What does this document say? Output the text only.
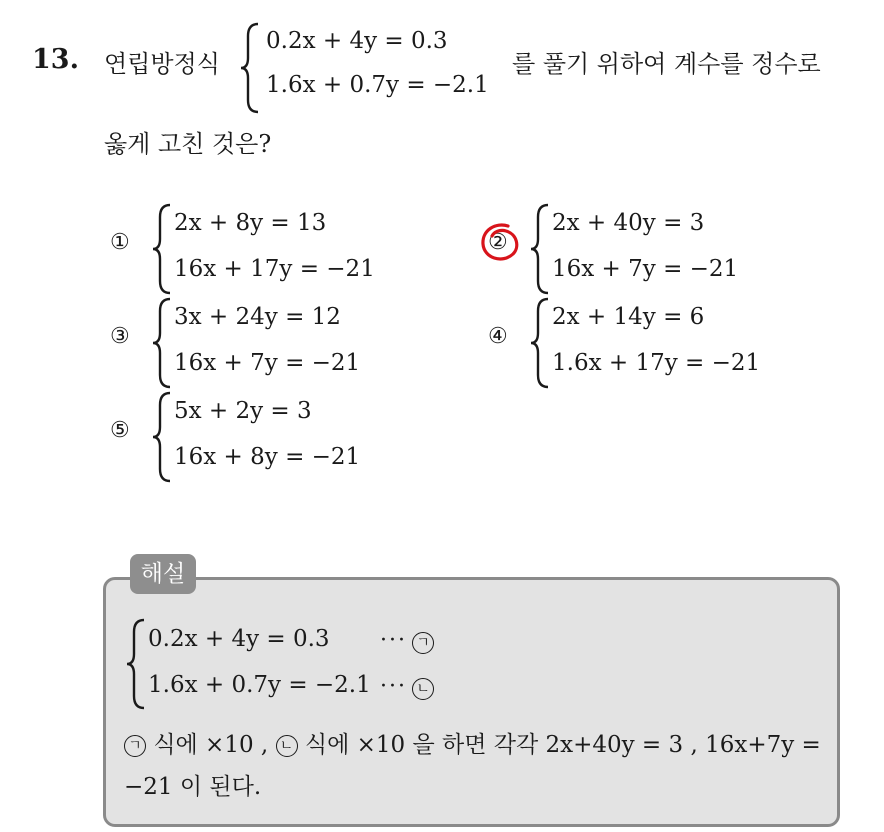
13. 연립방정식
0.2x + 4y = 0.3
1.6x + 0.7y = −2.1
를 풀기 위하여 계수를 정수로
옳게 고친 것은?
①
2x + 8y = 13
16x + 17y = −21
②
2x + 40y = 3
16x + 7y = −21
③
3x + 24y = 12
16x + 7y = −21
④
2x + 14y = 6
1.6x + 17y = −21
⑤
5x + 2y = 3
16x + 8y = −21
해설
0.2x + 4y = 0.3
1.6x + 0.7y = −2.1
··· ㄱ
··· ㄴ
ㄱ 식에 ×10 , ㄴ 식에 ×10 을 하면 각각 2x+40y = 3 , 16x+7y =
−21 이 된다.
